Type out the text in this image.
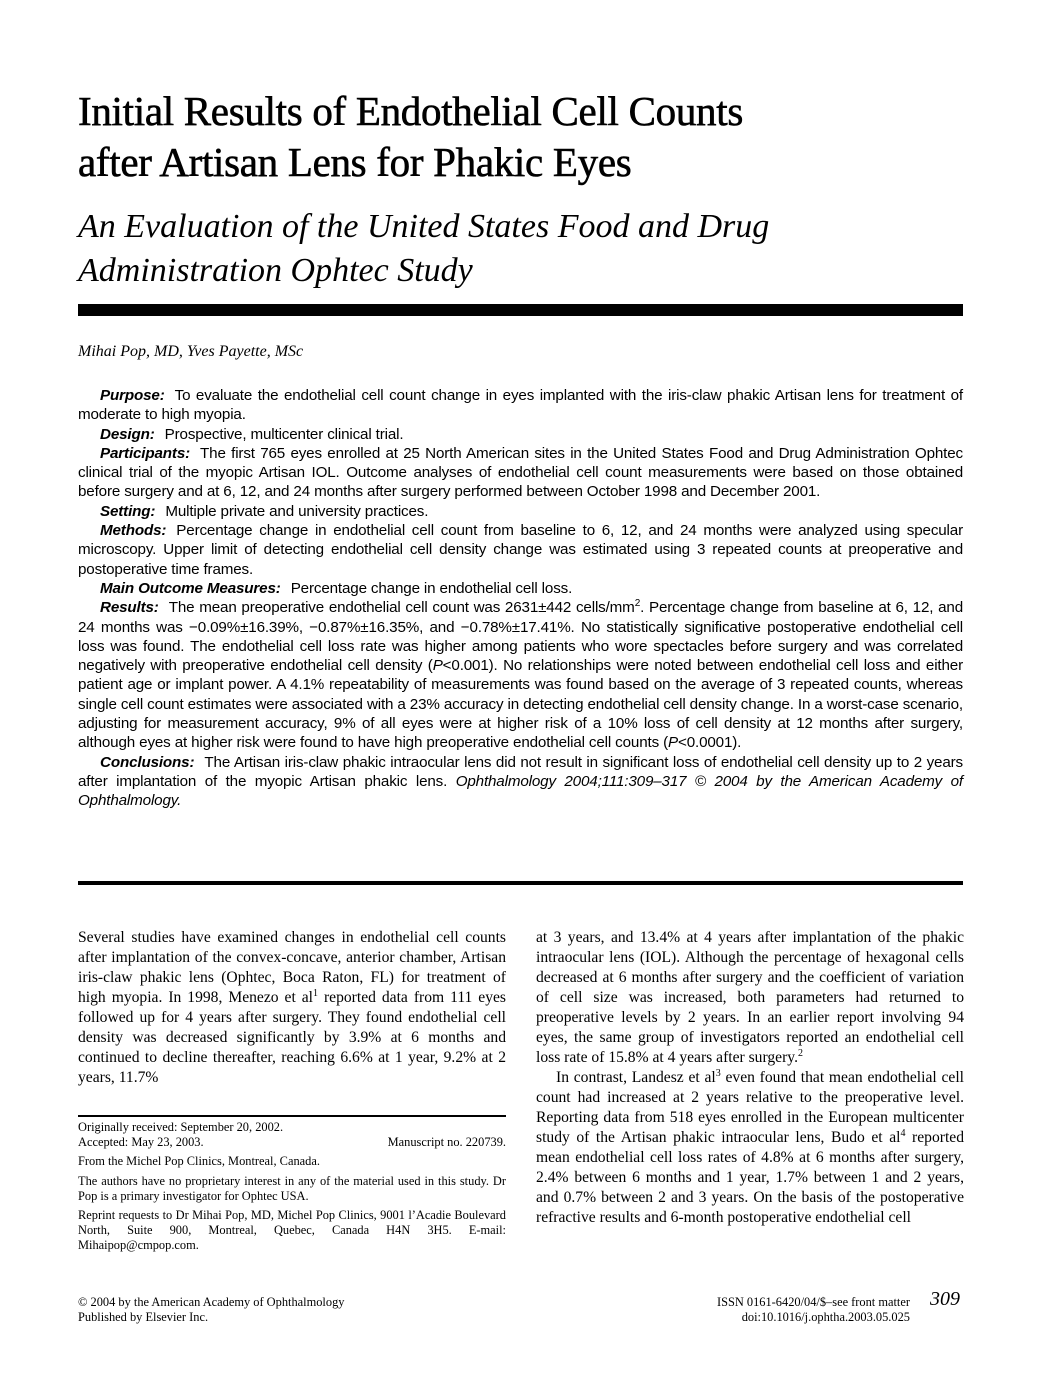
Initial Results of Endothelial Cell Counts
after Artisan Lens for Phakic Eyes
An Evaluation of the United States Food and Drug
Administration Ophtec Study
Mihai Pop, MD, Yves Payette, MSc

Purpose: To evaluate the endothelial cell count change in eyes implanted with the iris-claw phakic Artisan lens for treatment of moderate to high myopia.

Design: Prospective, multicenter clinical trial.

Participants: The first 765 eyes enrolled at 25 North American sites in the United States Food and Drug Administration Ophtec clinical trial of the myopic Artisan IOL. Outcome analyses of endothelial cell count measurements were based on those obtained before surgery and at 6, 12, and 24 months after surgery performed between October 1998 and December 2001.

Setting: Multiple private and university practices.

Methods: Percentage change in endothelial cell count from baseline to 6, 12, and 24 months were analyzed using specular microscopy. Upper limit of detecting endothelial cell density change was estimated using 3 repeated counts at preoperative and postoperative time frames.

Main Outcome Measures: Percentage change in endothelial cell loss.

Results: The mean preoperative endothelial cell count was 2631±442 cells/$mm^2$. Percentage change from baseline at 6, 12, and 24 months was −0.09%±16.39%, −0.87%±16.35%, and −0.78%±17.41%. No statistically significative postoperative endothelial cell loss was found. The endothelial cell loss rate was higher among patients who wore spectacles before surgery and was correlated negatively with preoperative endothelial cell density (P<0.001). No relationships were noted between endothelial cell loss and either patient age or implant power. A 4.1% repeatability of measurements was found based on the average of 3 repeated counts, whereas single cell count estimates were associated with a 23% accuracy in detecting endothelial cell density change. In a worst-case scenario, adjusting for measurement accuracy, 9% of all eyes were at higher risk of a 10% loss of cell density at 12 months after surgery, although eyes at higher risk were found to have high preoperative endothelial cell counts (P<0.0001).

Conclusions: The Artisan iris-claw phakic intraocular lens did not result in significant loss of endothelial cell density up to 2 years after implantation of the myopic Artisan phakic lens. Ophthalmology 2004;111:309–317 © 2004 by the American Academy of Ophthalmology.

Several studies have examined changes in endothelial cell counts after implantation of the convex-concave, anterior chamber, Artisan iris-claw phakic lens (Ophtec, Boca Raton, FL) for treatment of high myopia. In 1998, Menezo et $al^1$ reported data from 111 eyes followed up for 4 years after surgery. They found endothelial cell density was decreased significantly by 3.9% at 6 months and continued to decline thereafter, reaching 6.6% at 1 year, 9.2% at 2 years, 11.7%

at 3 years, and 13.4% at 4 years after implantation of the phakic intraocular lens (IOL). Although the percentage of hexagonal cells decreased at 6 months after surgery and the coefficient of variation of cell size was increased, both parameters had returned to preoperative levels by 2 years. In an earlier report involving 94 eyes, the same group of investigators reported an endothelial cell loss rate of 15.8% at 4 years after surgery.$^2$

In contrast, Landesz et $al^3$ even found that mean endothelial cell count had increased at 2 years relative to the preoperative level. Reporting data from 518 eyes enrolled in the European multicenter study of the Artisan phakic intraocular lens, Budo et $al^4$ reported mean endothelial cell loss rates of 4.8% at 6 months after surgery, 2.4% between 6 months and 1 year, 1.7% between 1 and 2 years, and 0.7% between 2 and 3 years. On the basis of the postoperative refractive results and 6-month postoperative endothelial cell

Originally received: September 20, 2002.

Accepted: May 23, 2003.	Manuscript no. 220739.

From the Michel Pop Clinics, Montreal, Canada.

The authors have no proprietary interest in any of the material used in this study. Dr Pop is a primary investigator for Ophtec USA.

Reprint requests to Dr Mihai Pop, MD, Michel Pop Clinics, 9001 l’Acadie Boulevard North, Suite 900, Montreal, Quebec, Canada H4N 3H5. E-mail: Mihaipop@cmpop.com.

© 2004 by the American Academy of Ophthalmology
Published by Elsevier Inc.
ISSN 0161-6420/04/$–see front matter
doi:10.1016/j.ophtha.2003.05.025
309
